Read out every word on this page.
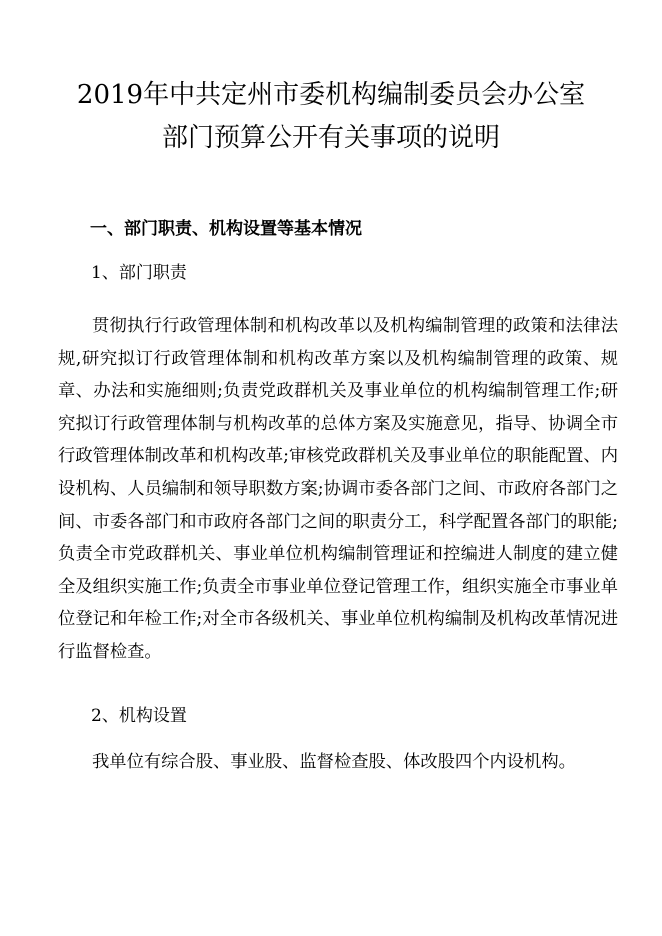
2019年中共定州市委机构编制委员会办公室
部门预算公开有关事项的说明
一、部门职责、机构设置等基本情况
1、部门职责
贯彻执行行政管理体制和机构改革以及机构编制管理的政策和法律法规,研究拟订行政管理体制和机构改革方案以及机构编制管理的政策、规章、办法和实施细则;负责党政群机关及事业单位的机构编制管理工作;研究拟订行政管理体制与机构改革的总体方案及实施意见，指导、协调全市行政管理体制改革和机构改革;审核党政群机关及事业单位的职能配置、内设机构、人员编制和领导职数方案;协调市委各部门之间、市政府各部门之间、市委各部门和市政府各部门之间的职责分工，科学配置各部门的职能;负责全市党政群机关、事业单位机构编制管理证和控编进人制度的建立健全及组织实施工作;负责全市事业单位登记管理工作，组织实施全市事业单位登记和年检工作;对全市各级机关、事业单位机构编制及机构改革情况进行监督检查。
2、机构设置
我单位有综合股、事业股、监督检查股、体改股四个内设机构。
